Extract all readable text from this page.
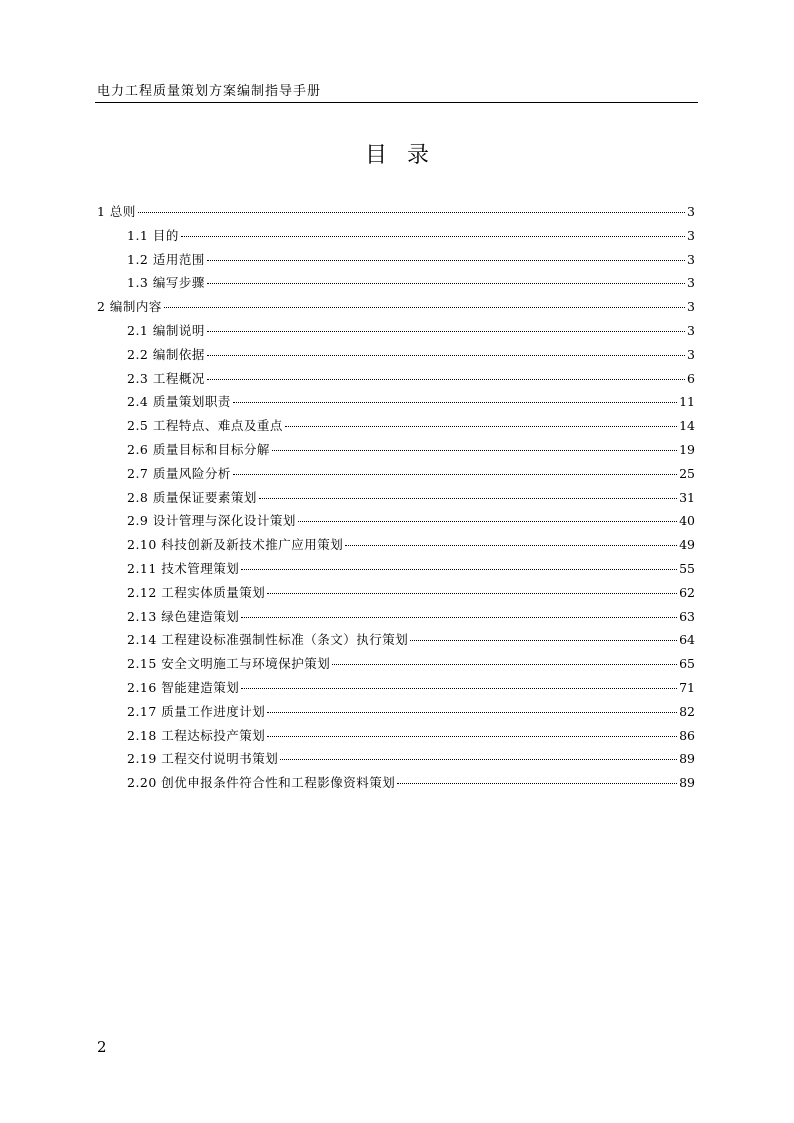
电力工程质量策划方案编制指导手册
目 录
1 总则	3
1.1 目的	3
1.2 适用范围	3
1.3 编写步骤	3
2 编制内容	3
2.1 编制说明	3
2.2 编制依据	3
2.3 工程概况	6
2.4 质量策划职责	11
2.5 工程特点、难点及重点	14
2.6 质量目标和目标分解	19
2.7 质量风险分析	25
2.8 质量保证要素策划	31
2.9 设计管理与深化设计策划	40
2.10 科技创新及新技术推广应用策划	49
2.11 技术管理策划	55
2.12 工程实体质量策划	62
2.13 绿色建造策划	63
2.14 工程建设标准强制性标准（条文）执行策划	64
2.15 安全文明施工与环境保护策划	65
2.16 智能建造策划	71
2.17 质量工作进度计划	82
2.18 工程达标投产策划	86
2.19 工程交付说明书策划	89
2.20 创优申报条件符合性和工程影像资料策划	89
2
